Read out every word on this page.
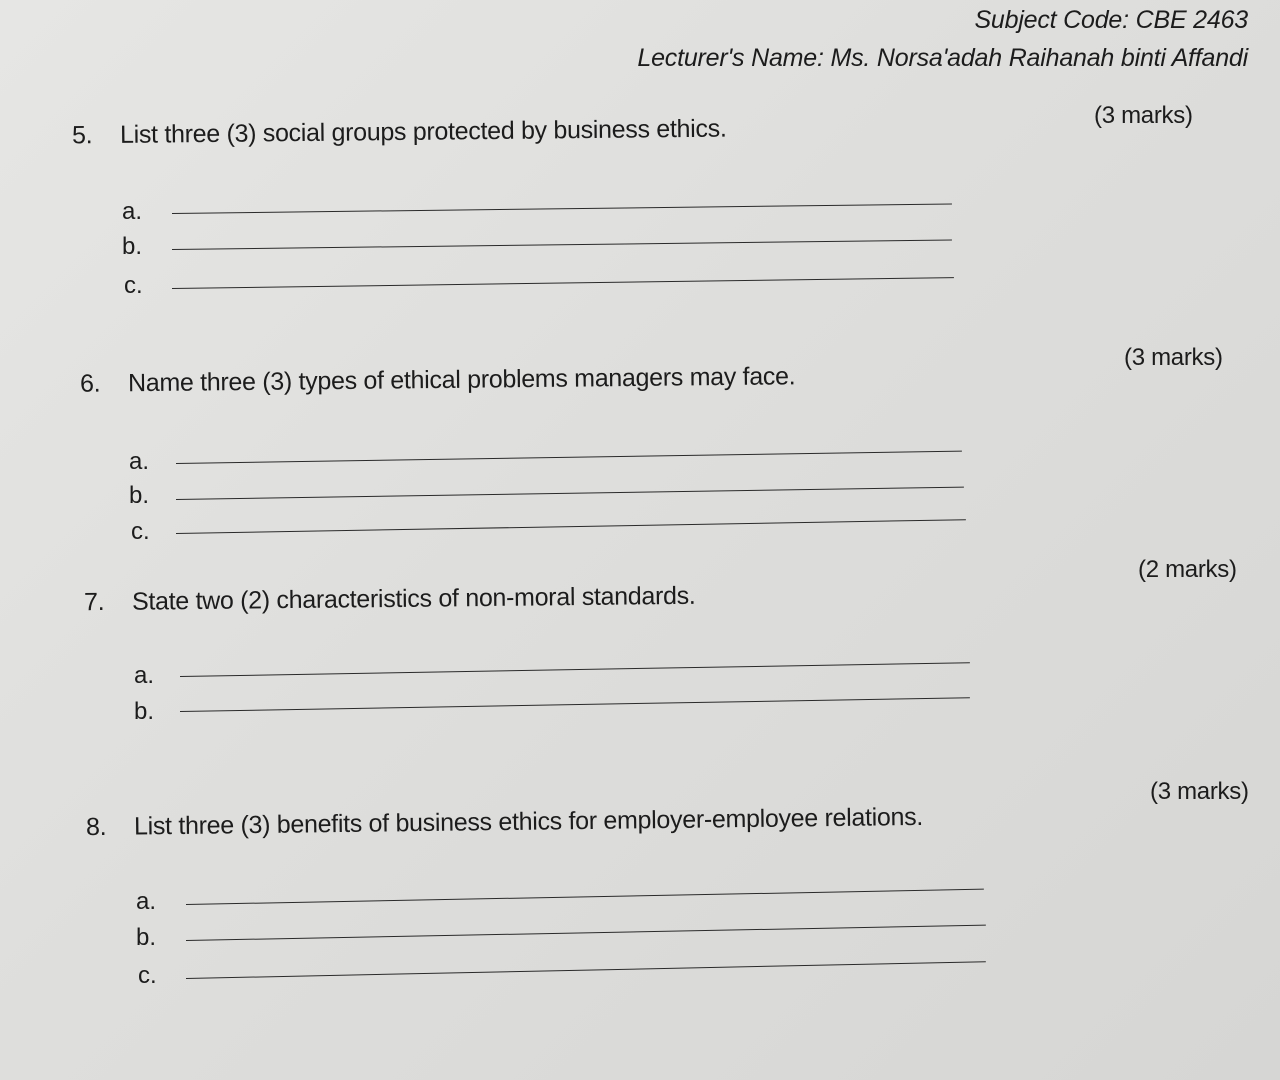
Subject Code: CBE 2463
Lecturer's Name: Ms. Norsa'adah Raihanah binti Affandi
5. List three (3) social groups protected by business ethics.	(3 marks)
a.
b.
c.
6. Name three (3) types of ethical problems managers may face.
(3 marks)
a.
b.
c.
7. State two (2) characteristics of non-moral standards.
(2 marks)
a.
b.
8. List three (3) benefits of business ethics for employer-employee relations.
(3 marks)
a.
b.
c.
